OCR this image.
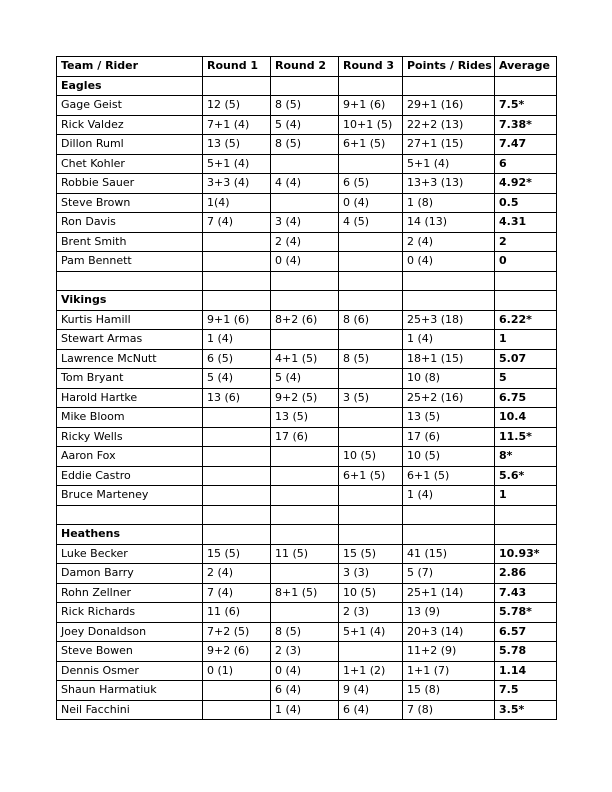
Team / Rider	Round 1	Round 2	Round 3	Points / Rides	Average
Eagles					
Gage Geist	12 (5)	8 (5)	9+1 (6)	29+1 (16)	7.5*
Rick Valdez	7+1 (4)	5 (4)	10+1 (5)	22+2 (13)	7.38*
Dillon Ruml	13 (5)	8 (5)	6+1 (5)	27+1 (15)	7.47
Chet Kohler	5+1 (4)			5+1 (4)	6
Robbie Sauer	3+3 (4)	4 (4)	6 (5)	13+3 (13)	4.92*
Steve Brown	1(4)		0 (4)	1 (8)	0.5
Ron Davis	7 (4)	3 (4)	4 (5)	14 (13)	4.31
Brent Smith		2 (4)		2 (4)	2
Pam Bennett		0 (4)		0 (4)	0

Vikings					
Kurtis Hamill	9+1 (6)	8+2 (6)	8 (6)	25+3 (18)	6.22*
Stewart Armas	1 (4)			1 (4)	1
Lawrence McNutt	6 (5)	4+1 (5)	8 (5)	18+1 (15)	5.07
Tom Bryant	5 (4)	5 (4)		10 (8)	5
Harold Hartke	13 (6)	9+2 (5)	3 (5)	25+2 (16)	6.75
Mike Bloom		13 (5)		13 (5)	10.4
Ricky Wells		17 (6)		17 (6)	11.5*
Aaron Fox			10 (5)	10 (5)	8*
Eddie Castro			6+1 (5)	6+1 (5)	5.6*
Bruce Marteney				1 (4)	1

Heathens					
Luke Becker	15 (5)	11 (5)	15 (5)	41 (15)	10.93*
Damon Barry	2 (4)		3 (3)	5 (7)	2.86
Rohn Zellner	7 (4)	8+1 (5)	10 (5)	25+1 (14)	7.43
Rick Richards	11 (6)		2 (3)	13 (9)	5.78*
Joey Donaldson	7+2 (5)	8 (5)	5+1 (4)	20+3 (14)	6.57
Steve Bowen	9+2 (6)	2 (3)		11+2 (9)	5.78
Dennis Osmer	0 (1)	0 (4)	1+1 (2)	1+1 (7)	1.14
Shaun Harmatiuk		6 (4)	9 (4)	15 (8)	7.5
Neil Facchini		1 (4)	6 (4)	7 (8)	3.5*
